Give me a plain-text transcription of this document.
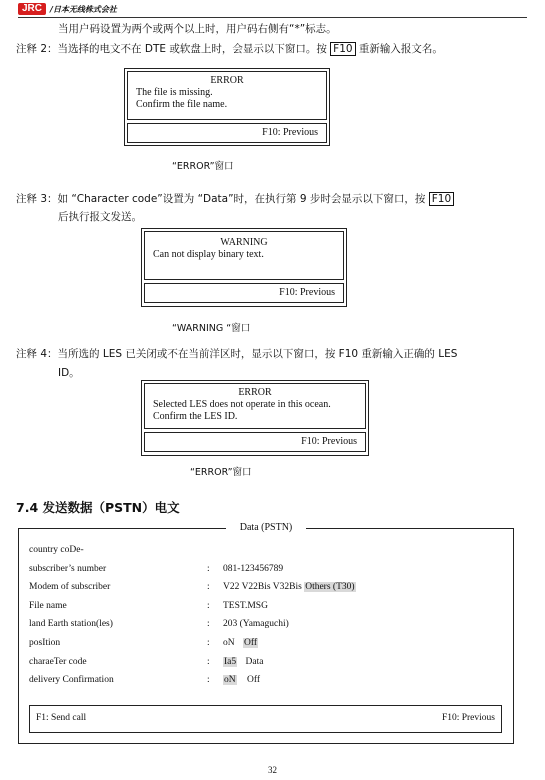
JRC	/日本无线株式会社
当用户码设置为两个或两个以上时，用户码右侧有“*”标志。
注释 2：当选择的电文不在 DTE 或软盘上时，会显示以下窗口。按 F10 重新输入报文名。
ERROR
The file is missing.
Confirm the file name.
F10: Previous
“ERROR”窗口
注释 3：如 “Character code”设置为 “Data”时，在执行第 9 步时会显示以下窗口，按 F10
后执行报文发送。
WARNING
Can not display binary text.
F10: Previous
“WARNING “窗口
注释 4：当所选的 LES 已关闭或不在当前洋区时，显示以下窗口，按 F10 重新输入正确的 LES
ID。
ERROR
Selected LES does not operate in this ocean.
Confirm the LES ID.
F10: Previous
“ERROR”窗口
7.4 发送数据（PSTN）电文
Data (PSTN)
country coDe-
subscriber’s number	: 081-123456789
Modem of subscriber	: V22 V22Bis V32Bis Others (T30)
File name	: TEST.MSG
land Earth station(les)	: 203 (Yamaguchi)
posItion	: oN Off
charaeTer code	: Ia5 Data
delivery Confirmation	: oN Off
F1: Send call	F10: Previous
32
